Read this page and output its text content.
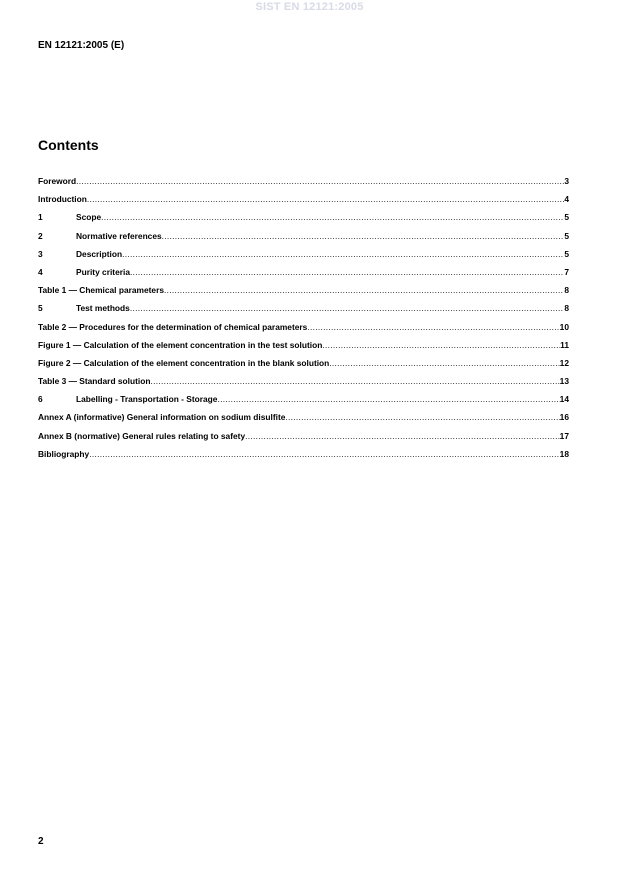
SIST EN 12121:2005
EN 12121:2005 (E)
Contents
Foreword .....	3
Introduction .....	4
1	Scope .....	5
2	Normative references .....	5
3	Description .....	5
4	Purity criteria .....	7
Table 1 — Chemical parameters .....	8
5	Test methods .....	8
Table 2 — Procedures for the determination of chemical parameters .....	10
Figure 1 — Calculation of the element concentration in the test solution .....	11
Figure 2 — Calculation of the element concentration in the blank solution .....	12
Table 3 — Standard solution .....	13
6	Labelling - Transportation - Storage .....	14
Annex A (informative) General information on sodium disulfite .....	16
Annex B (normative) General rules relating to safety .....	17
Bibliography .....	18
2
